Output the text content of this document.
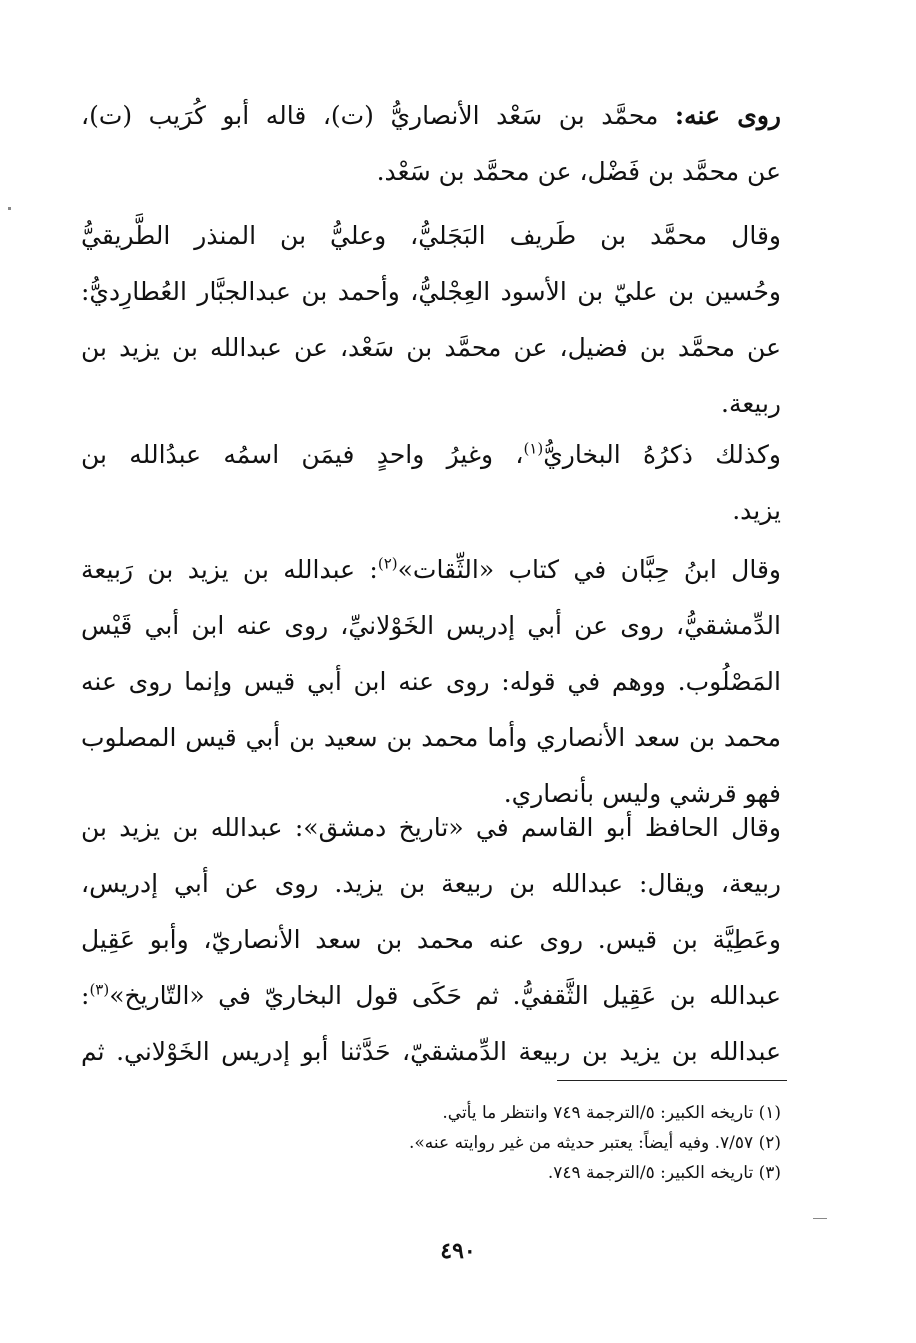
روى عنه: محمَّد بن سَعْد الأنصاريُّ (ت)، قاله أبو كُرَيب (ت)،
عن محمَّد بن فَضْل، عن محمَّد بن سَعْد.
وقال محمَّد بن طَريف البَجَليُّ، وعليُّ بن المنذر الطَّريقيُّ
وحُسين بن عليّ بن الأسود العِجْليُّ، وأحمد بن عبدالجبَّار العُطارِديُّ:
عن محمَّد بن فضيل، عن محمَّد بن سَعْد، عن عبدالله بن يزيد بن
ربيعة.
وكذلك ذكرُهُ البخاريُّ$^{(١)}$، وغيرُ واحدٍ فيمَن اسمُه عبدُالله بن
يزيد.
وقال ابنُ حِبَّان في كتاب «الثِّقات»$^{(٢)}$: عبدالله بن يزيد بن رَبيعة
الدِّمشقيُّ، روى عن أبي إدريس الخَوْلانيِّ، روى عنه ابن أبي قَيْس
المَصْلُوب. ووهم في قوله: روى عنه ابن أبي قيس وإنما روى عنه
محمد بن سعد الأنصاري وأما محمد بن سعيد بن أبي قيس المصلوب
فهو قرشي وليس بأنصاري.
وقال الحافظ أبو القاسم في «تاريخ دمشق»: عبدالله بن يزيد بن
ربيعة، ويقال: عبدالله بن ربيعة بن يزيد. روى عن أبي إدريس،
وعَطِيَّة بن قيس. روى عنه محمد بن سعد الأنصاريّ، وأبو عَقِيل
عبدالله بن عَقِيل الثَّقفيُّ. ثم حَكَى قول البخاريّ في «التّاريخ»$^{(٣)}$:
عبدالله بن يزيد بن ربيعة الدِّمشقيّ، حَدَّثنا أبو إدريس الخَوْلاني. ثم
(١) تاريخه الكبير: ٥/الترجمة ٧٤٩ وانتظر ما يأتي.
(٢) ٧/٥٧. وفيه أيضاً: يعتبر حديثه من غير روايته عنه».
(٣) تاريخه الكبير: ٥/الترجمة ٧٤٩.
٤٩٠
